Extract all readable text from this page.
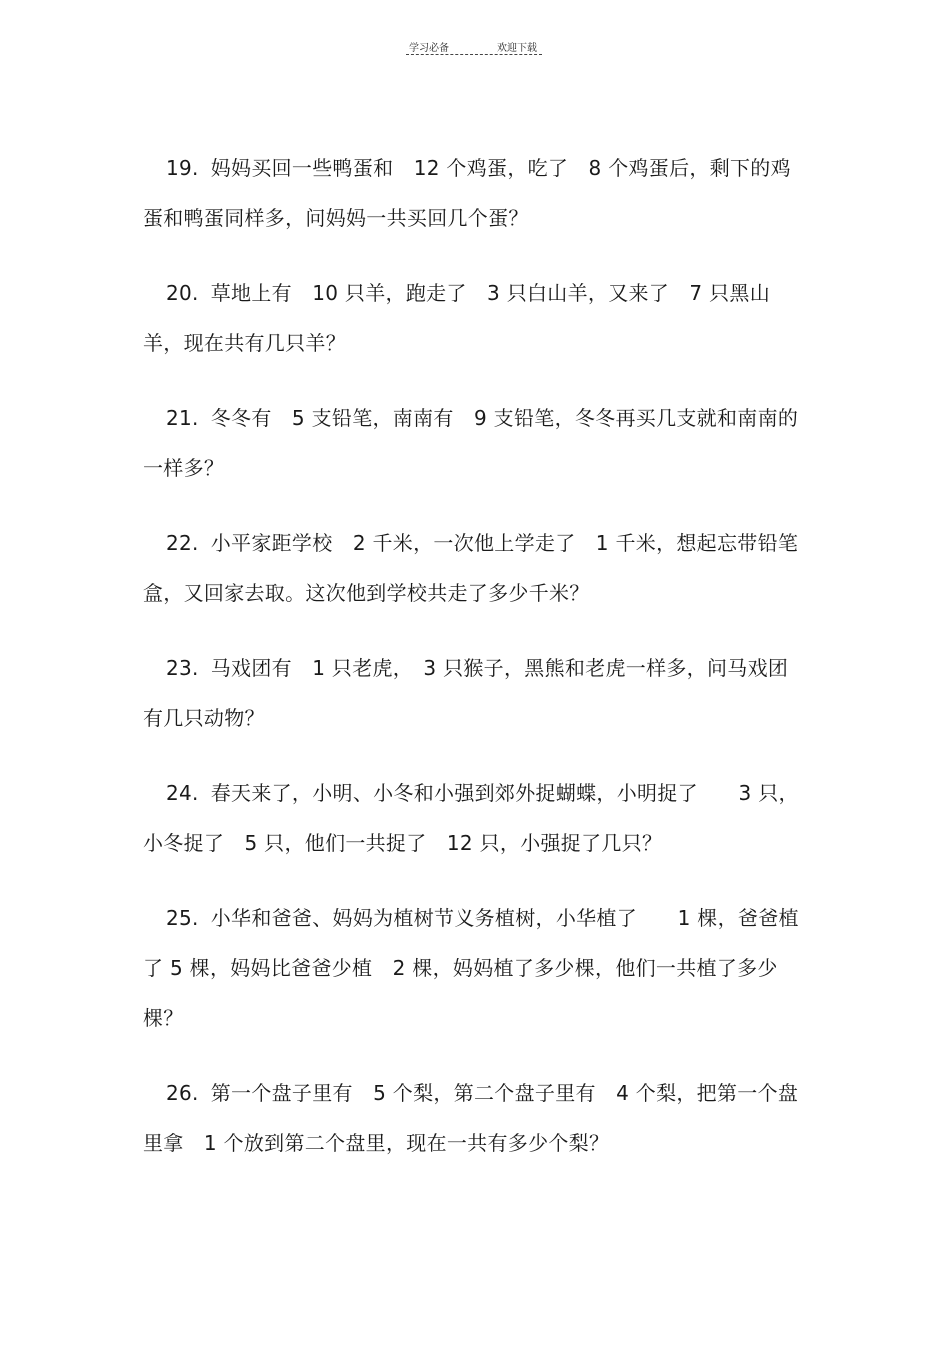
学习必备	欢迎下载

19. 妈妈买回一些鸭蛋和　12 个鸡蛋，吃了　8 个鸡蛋后，剩下的鸡蛋和鸭蛋同样多，问妈妈一共买回几个蛋？

20. 草地上有　10 只羊，跑走了　3 只白山羊，又来了　7 只黑山羊，现在共有几只羊？

21. 冬冬有　5 支铅笔，南南有　9 支铅笔，冬冬再买几支就和南南的一样多？

22. 小平家距学校　2 千米，一次他上学走了　1 千米，想起忘带铅笔盒，又回家去取。这次他到学校共走了多少千米？

23. 马戏团有　1 只老虎，　3 只猴子，黑熊和老虎一样多，问马戏团有几只动物？

24. 春天来了，小明、小冬和小强到郊外捉蝴蝶，小明捉了　　3 只，小冬捉了　5 只，他们一共捉了　12 只，小强捉了几只？

25. 小华和爸爸、妈妈为植树节义务植树，小华植了　　1 棵，爸爸植了 5 棵，妈妈比爸爸少植　2 棵，妈妈植了多少棵，他们一共植了多少棵？

26. 第一个盘子里有　5 个梨，第二个盘子里有　4 个梨，把第一个盘里拿　1 个放到第二个盘里，现在一共有多少个梨？
